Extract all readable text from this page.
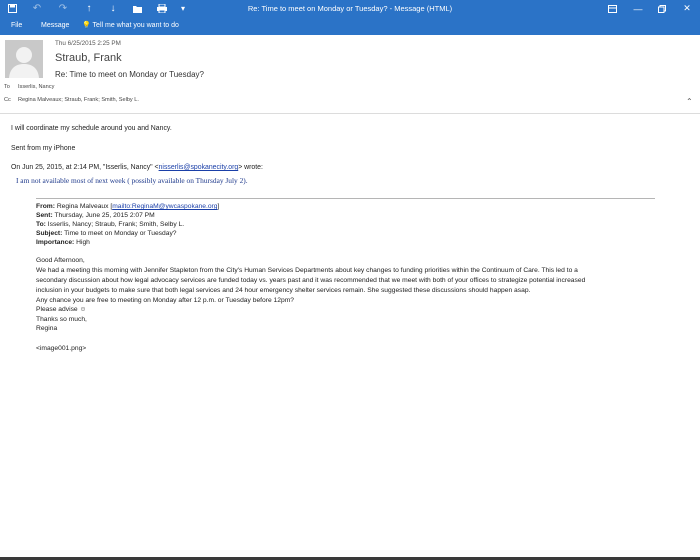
↶	↷	↑	↓	▾	Re: Time to meet on Monday or Tuesday? - Message (HTML)	—	✕
File	Message 💡 Tell me what you want to do
Thu 6/25/2015 2:25 PM
Straub, Frank
Re: Time to meet on Monday or Tuesday?
To Isserlis, Nancy
Cc Regina Malveaux; Straub, Frank; Smith, Selby L.	⌃
I will coordinate my schedule around you and Nancy.
Sent from my iPhone
On Jun 25, 2015, at 2:14 PM, "Isserlis, Nancy" <nisserlis@spokanecity.org> wrote:
I am not available most of next week ( possibly available on Thursday July 2).
From: Regina Malveaux [mailto:ReginaM@ywcaspokane.org]
Sent: Thursday, June 25, 2015 2:07 PM
To: Isserlis, Nancy; Straub, Frank; Smith, Selby L.
Subject: Time to meet on Monday or Tuesday?
Importance: High
Good Afternoon,
We had a meeting this morning with Jennifer Stapleton from the City's Human Services Departments about key changes to funding priorities within the Continuum of Care. This led to a
secondary discussion about how legal advocacy services are funded today vs. years past and it was recommended that we meet with both of your offices to strategize potential increased
inclusion in your budgets to make sure that both legal services and 24 hour emergency shelter services remain. She suggested these discussions should happen asap.
Any chance you are free to meeting on Monday after 12 p.m. or Tuesday before 12pm?
Please advise ☺
Thanks so much,
Regina
<image001.png>
